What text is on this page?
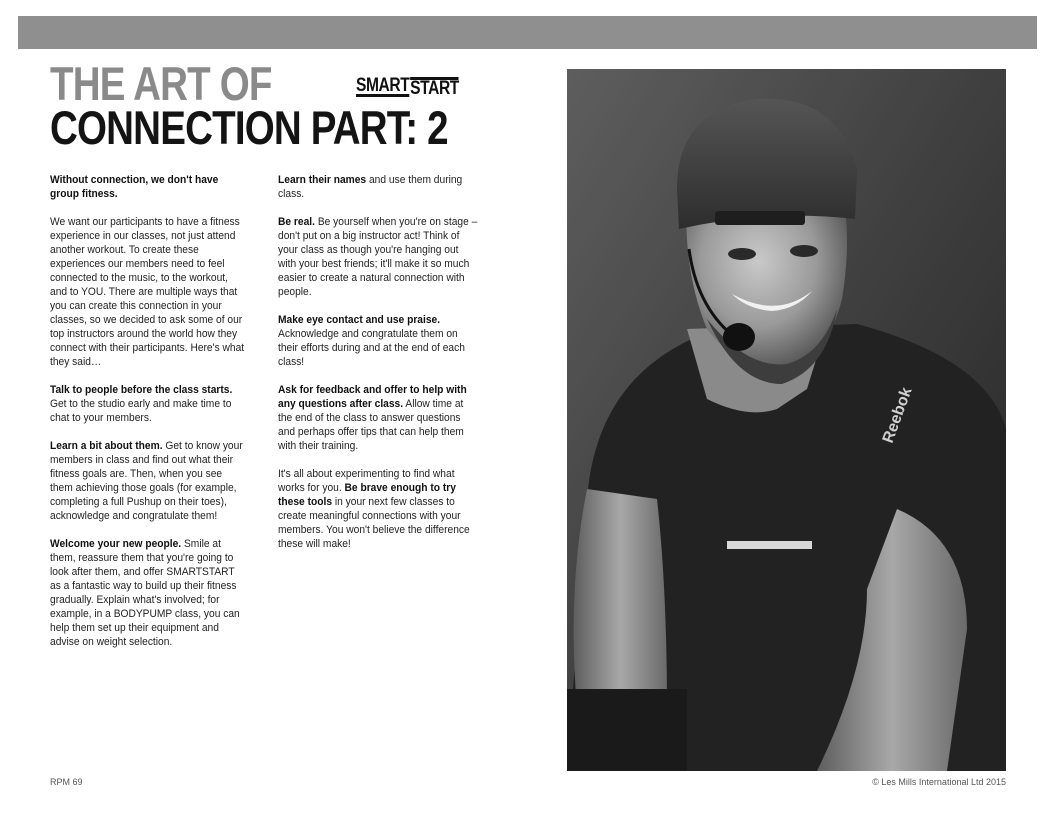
THE ART OF
CONNECTION PART: 2
SMART START

Without connection, we don't have group fitness.

We want our participants to have a fitness experience in our classes, not just attend another workout. To create these experiences our members need to feel connected to the music, to the workout, and to YOU. There are multiple ways that you can create this connection in your classes, so we decided to ask some of our top instructors around the world how they connect with their participants. Here's what they said…

Talk to people before the class starts.
Get to the studio early and make time to chat to your members.

Learn a bit about them. Get to know your members in class and find out what their fitness goals are. Then, when you see them achieving those goals (for example, completing a full Pushup on their toes), acknowledge and congratulate them!

Welcome your new people. Smile at them, reassure them that you're going to look after them, and offer SMARTSTART as a fantastic way to build up their fitness gradually. Explain what's involved; for example, in a BODYPUMP class, you can help them set up their equipment and advise on weight selection.

Learn their names and use them during class.

Be real. Be yourself when you're on stage – don't put on a big instructor act! Think of your class as though you're hanging out with your best friends; it'll make it so much easier to create a natural connection with people.

Make eye contact and use praise.
Acknowledge and congratulate them on their efforts during and at the end of each class!

Ask for feedback and offer to help with any questions after class. Allow time at the end of the class to answer questions and perhaps offer tips that can help them with their training.

It's all about experimenting to find what works for you. Be brave enough to try these tools in your next few classes to create meaningful connections with your members. You won't believe the difference these will make!

Reebok
RPM 69	© Les Mills International Ltd 2015
